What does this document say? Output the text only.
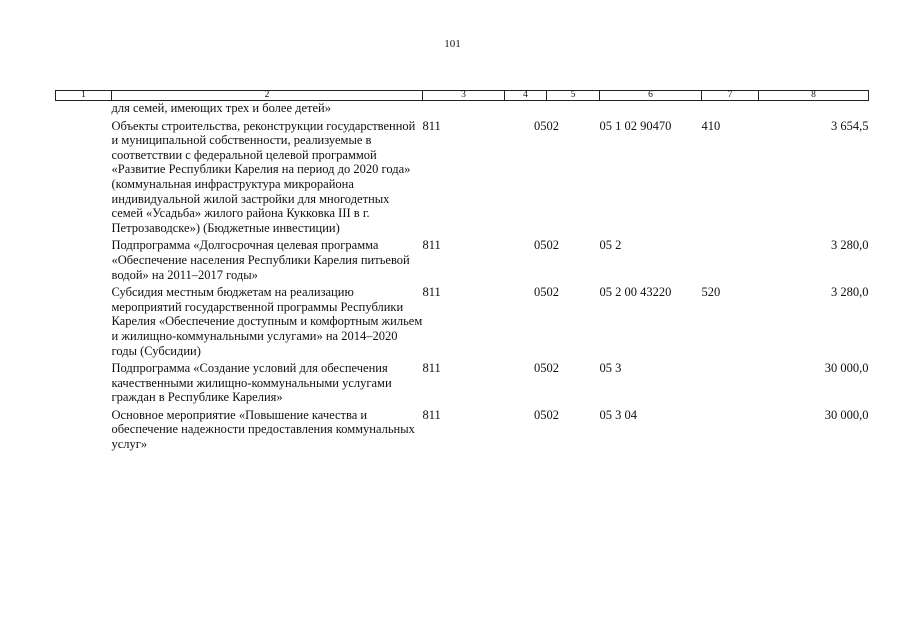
101
1	2	3	4	5	6	7	8
	для семей, имеющих трех и более детей»						
	Объекты строительства, реконструкции государственной и муниципальной собственности, реализуемые в соответствии с федеральной целевой программой «Развитие Республики Карелия на период до 2020 года» (коммунальная инфраструктура микрорайона индивидуальной жилой застройки для многодетных семей «Усадьба» жилого района Кукковка III в г. Петрозаводске») (Бюджетные инвестиции)	811	05	02	05 1 02 90470	410	3 654,5
	Подпрограмма «Долгосрочная целевая программа «Обеспечение населения Республики Карелия питьевой водой» на 2011–2017 годы»	811	05	02	05 2		3 280,0
	Субсидия местным бюджетам на реализацию мероприятий государственной программы Республики Карелия «Обеспечение доступным и комфортным жильем и жилищно-коммунальными услугами» на 2014–2020 годы (Субсидии)	811	05	02	05 2 00 43220	520	3 280,0
	Подпрограмма «Создание условий для обеспечения качественными жилищно-коммунальными услугами граждан в Республике Карелия»	811	05	02	05 3		30 000,0
	Основное мероприятие «Повышение качества и обеспечение надежности предоставления коммунальных услуг»	811	05	02	05 3 04		30 000,0
